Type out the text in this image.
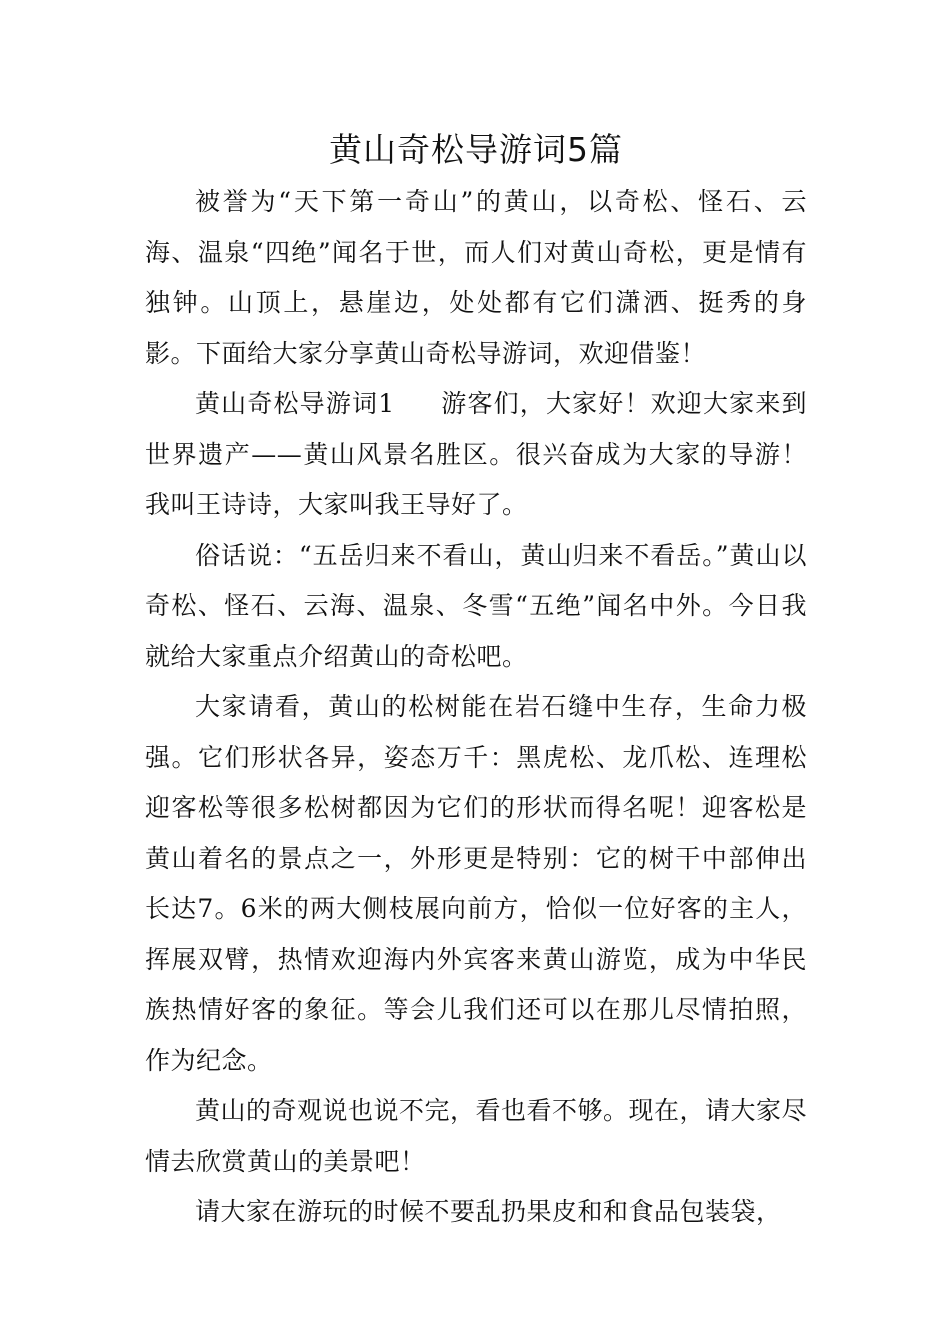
黄山奇松导游词5篇

被誉为“天下第一奇山”的黄山，以奇松、怪石、云海、温泉“四绝”闻名于世，而人们对黄山奇松，更是情有独钟。山顶上，悬崖边，处处都有它们潇洒、挺秀的身影。下面给大家分享黄山奇松导游词，欢迎借鉴！

黄山奇松导游词1 游客们，大家好！欢迎大家来到世界遗产——黄山风景名胜区。很兴奋成为大家的导游！我叫王诗诗，大家叫我王导好了。

俗话说：“五岳归来不看山，黄山归来不看岳。”黄山以奇松、怪石、云海、温泉、冬雪“五绝”闻名中外。今日我就给大家重点介绍黄山的奇松吧。

大家请看，黄山的松树能在岩石缝中生存，生命力极强。它们形状各异，姿态万千：黑虎松、龙爪松、连理松迎客松等很多松树都因为它们的形状而得名呢！迎客松是黄山着名的景点之一，外形更是特别：它的树干中部伸出长达7。6米的两大侧枝展向前方，恰似一位好客的主人，挥展双臂，热情欢迎海内外宾客来黄山游览，成为中华民族热情好客的象征。等会儿我们还可以在那儿尽情拍照，作为纪念。

黄山的奇观说也说不完，看也看不够。现在，请大家尽情去欣赏黄山的美景吧！

请大家在游玩的时候不要乱扔果皮和和食品包装袋，
